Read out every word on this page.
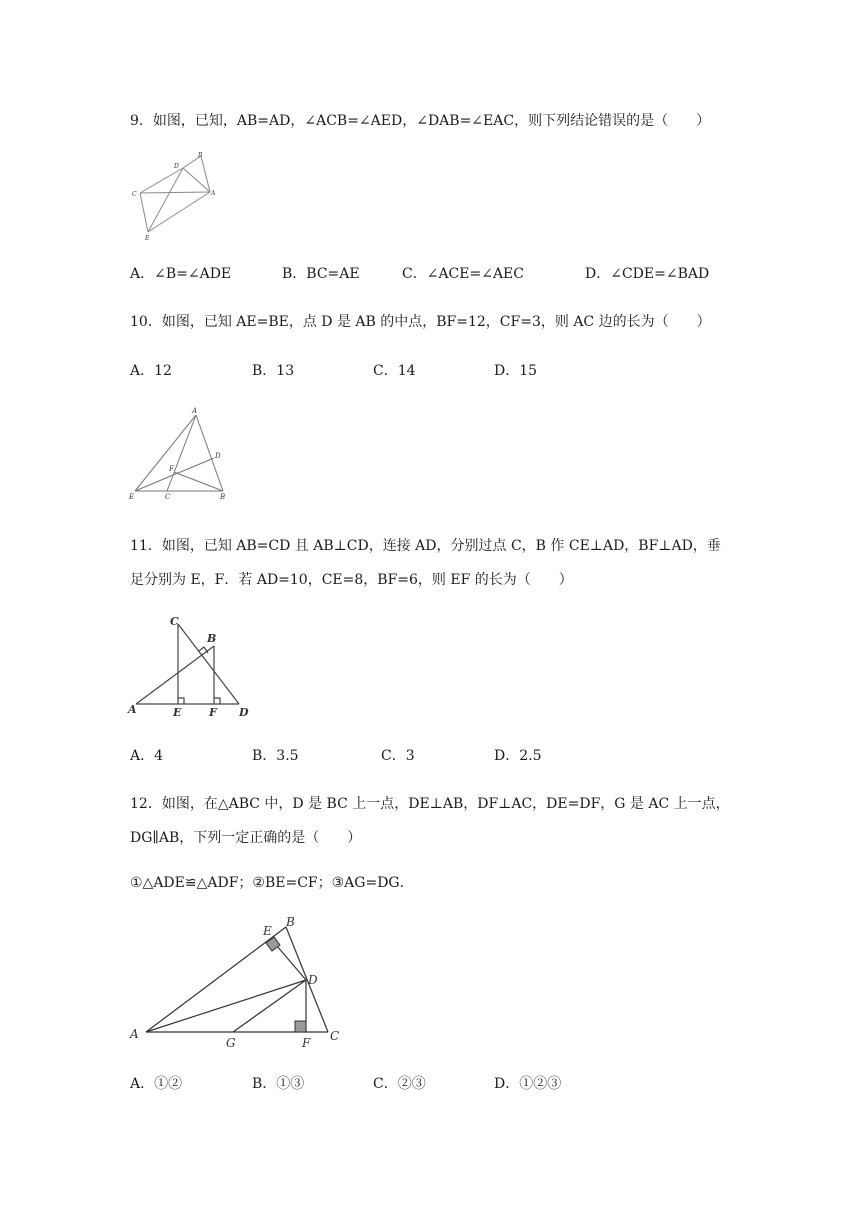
9．如图，已知，AB=AD，∠ACB=∠AED，∠DAB=∠EAC，则下列结论错误的是（　　）
D
B
C	A
E
A．∠B=∠ADE	B．BC=AE	C．∠ACE=∠AEC	D．∠CDE=∠BAD
10．如图，已知 AE=BE，点 D 是 AB 的中点，BF=12，CF=3，则 AC 边的长为（　　）
A．12	B．13	C．14	D．15
A
D
F
E	C	B
11．如图，已知 AB=CD 且 AB⊥CD，连接 AD，分别过点 C，B 作 CE⊥AD，BF⊥AD，垂
足分别为 E，F．若 AD=10，CE=8，BF=6，则 EF 的长为（　　）
C
B
A	E	F D
A．4	B．3.5	C．3	D．2.5
12．如图，在△ABC 中，D 是 BC 上一点，DE⊥AB，DF⊥AC，DE=DF，G 是 AC 上一点，
DG∥AB，下列一定正确的是（　　）
①△ADE≌△ADF；②BE=CF；③AG=DG．
E
B
D
A
G	F C
A．①②	B．①③	C．②③	D．①②③
